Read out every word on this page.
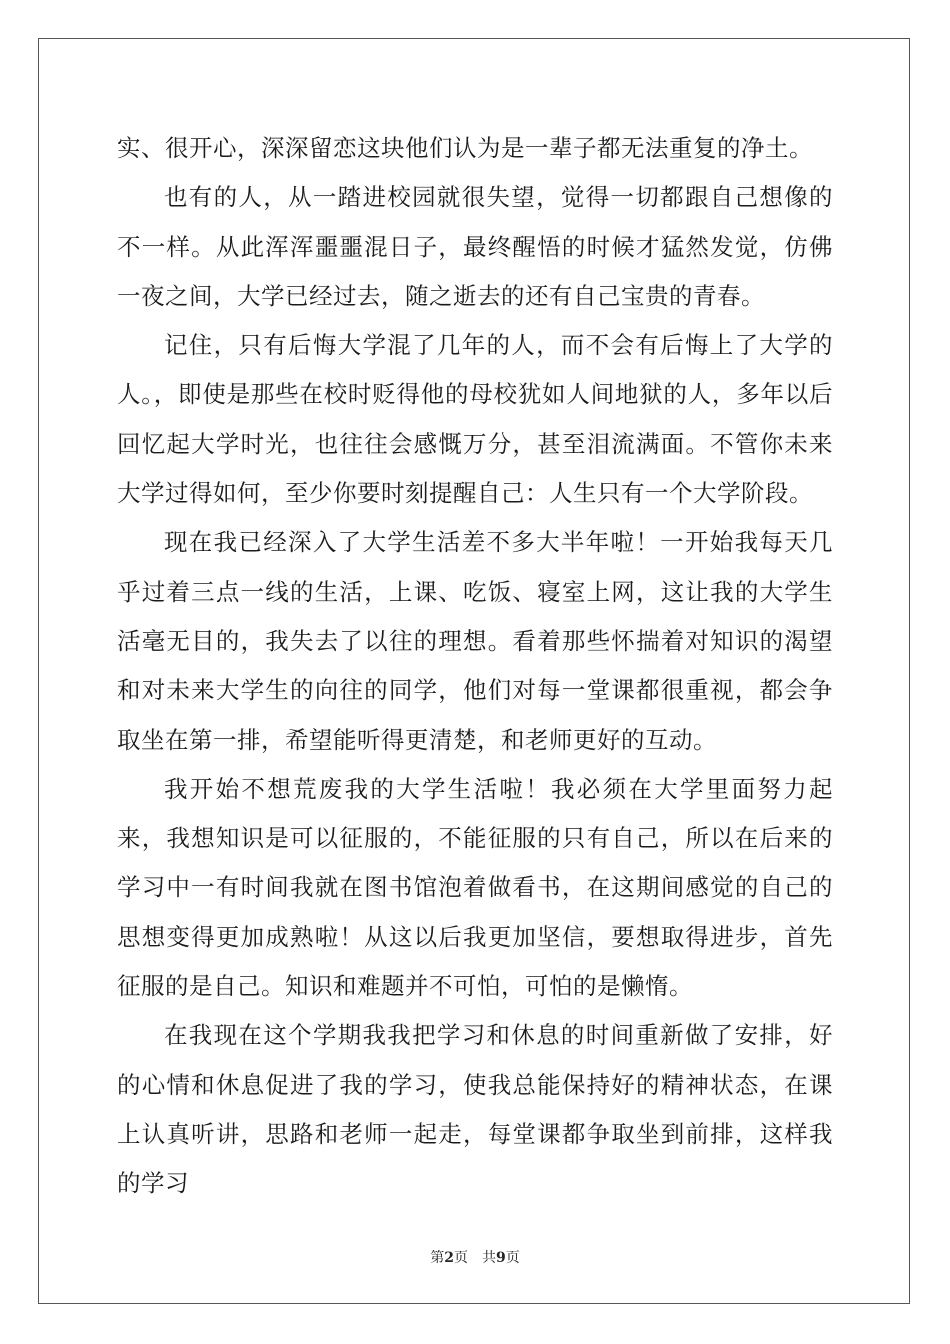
实、很开心，深深留恋这块他们认为是一辈子都无法重复的净土。

也有的人，从一踏进校园就很失望，觉得一切都跟自己想像的不一样。从此浑浑噩噩混日子，最终醒悟的时候才猛然发觉，仿佛一夜之间，大学已经过去，随之逝去的还有自己宝贵的青春。

记住，只有后悔大学混了几年的人，而不会有后悔上了大学的人。，即使是那些在校时贬得他的母校犹如人间地狱的人，多年以后回忆起大学时光，也往往会感慨万分，甚至泪流满面。不管你未来大学过得如何，至少你要时刻提醒自己：人生只有一个大学阶段。

现在我已经深入了大学生活差不多大半年啦！一开始我每天几乎过着三点一线的生活，上课、吃饭、寝室上网，这让我的大学生活毫无目的，我失去了以往的理想。看着那些怀揣着对知识的渴望和对未来大学生的向往的同学，他们对每一堂课都很重视，都会争取坐在第一排，希望能听得更清楚，和老师更好的互动。

我开始不想荒废我的大学生活啦！我必须在大学里面努力起来，我想知识是可以征服的，不能征服的只有自己，所以在后来的学习中一有时间我就在图书馆泡着做看书，在这期间感觉的自己的思想变得更加成熟啦！从这以后我更加坚信，要想取得进步，首先征服的是自己。知识和难题并不可怕，可怕的是懒惰。

在我现在这个学期我我把学习和休息的时间重新做了安排，好的心情和休息促进了我的学习，使我总能保持好的精神状态，在课上认真听讲，思路和老师一起走，每堂课都争取坐到前排，这样我的学习

第2页 共9页
